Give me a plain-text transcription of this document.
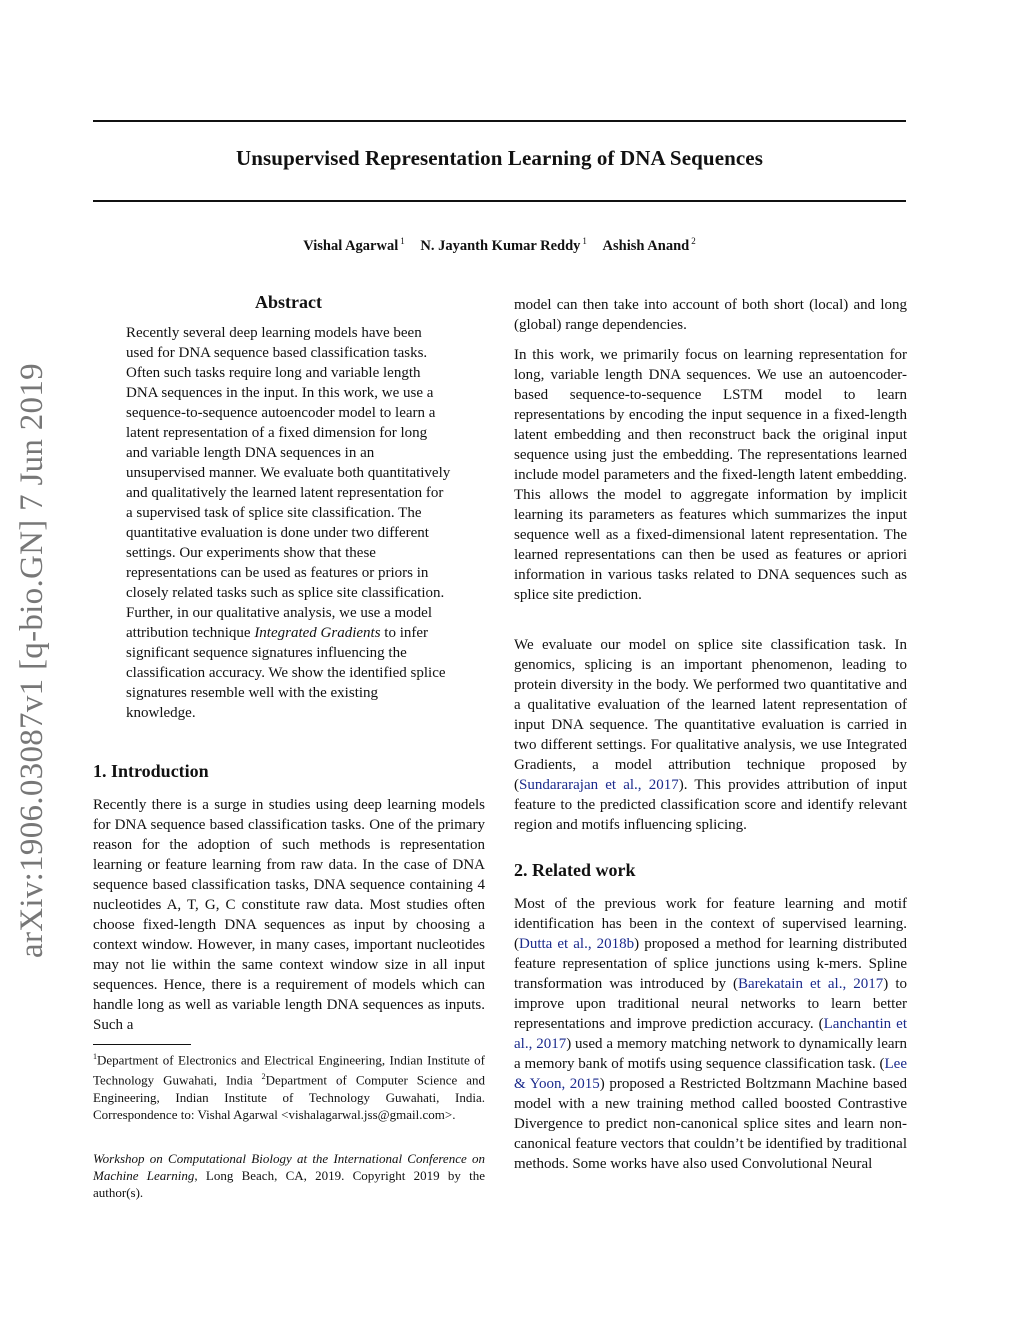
Unsupervised Representation Learning of DNA Sequences
Vishal Agarwal $^1$ N. Jayanth Kumar Reddy $^1$ Ashish Anand $^2$
arXiv:1906.03087v1 [q-bio.GN] 7 Jun 2019
Abstract

Recently several deep learning models have been used for DNA sequence based classification tasks. Often such tasks require long and variable length DNA sequences in the input. In this work, we use a sequence-to-sequence autoencoder model to learn a latent representation of a fixed dimension for long and variable length DNA sequences in an unsupervised manner. We evaluate both quantitatively and qualitatively the learned latent representation for a supervised task of splice site classification. The quantitative evaluation is done under two different settings. Our experiments show that these representations can be used as features or priors in closely related tasks such as splice site classification. Further, in our qualitative analysis, we use a model attribution technique Integrated Gradients to infer significant sequence signatures influencing the classification accuracy. We show the identified splice signatures resemble well with the existing knowledge.

1. Introduction

Recently there is a surge in studies using deep learning models for DNA sequence based classification tasks. One of the primary reason for the adoption of such methods is representation learning or feature learning from raw data. In the case of DNA sequence based classification tasks, DNA sequence containing 4 nucleotides A, T, G, C constitute raw data. Most studies often choose fixed-length DNA sequences as input by choosing a context window. However, in many cases, important nucleotides may not lie within the same context window size in all input sequences. Hence, there is a requirement of models which can handle long as well as variable length DNA sequences as inputs. Such a

$^1$Department of Electronics and Electrical Engineering, Indian Institute of Technology Guwahati, India $^2$Department of Computer Science and Engineering, Indian Institute of Technology Guwahati, India. Correspondence to: Vishal Agarwal <vishalagarwal.jss@gmail.com>.

Workshop on Computational Biology at the International Conference on Machine Learning, Long Beach, CA, 2019. Copyright 2019 by the author(s).

model can then take into account of both short (local) and long (global) range dependencies.

In this work, we primarily focus on learning representation for long, variable length DNA sequences. We use an autoencoder-based sequence-to-sequence LSTM model to learn representations by encoding the input sequence in a fixed-length latent embedding and then reconstruct back the original input sequence using just the embedding. The representations learned include model parameters and the fixed-length latent embedding. This allows the model to aggregate information by implicit learning its parameters as features which summarizes the input sequence well as a fixed-dimensional latent representation. The learned representations can then be used as features or apriori information in various tasks related to DNA sequences such as splice site prediction.

We evaluate our model on splice site classification task. In genomics, splicing is an important phenomenon, leading to protein diversity in the body. We performed two quantitative and a qualitative evaluation of the learned latent representation of input DNA sequence. The quantitative evaluation is carried in two different settings. For qualitative analysis, we use Integrated Gradients, a model attribution technique proposed by (Sundararajan et al., 2017). This provides attribution of input feature to the predicted classification score and identify relevant region and motifs influencing splicing.

2. Related work

Most of the previous work for feature learning and motif identification has been in the context of supervised learning. (Dutta et al., 2018b) proposed a method for learning distributed feature representation of splice junctions using k-mers. Spline transformation was introduced by (Barekatain et al., 2017) to improve upon traditional neural networks to learn better representations and improve prediction accuracy. (Lanchantin et al., 2017) used a memory matching network to dynamically learn a memory bank of motifs using sequence classification task. (Lee & Yoon, 2015) proposed a Restricted Boltzmann Machine based model with a new training method called boosted Contrastive Divergence to predict non-canonical splice sites and learn non-canonical feature vectors that couldn’t be identified by traditional methods. Some works have also used Convolutional Neural
